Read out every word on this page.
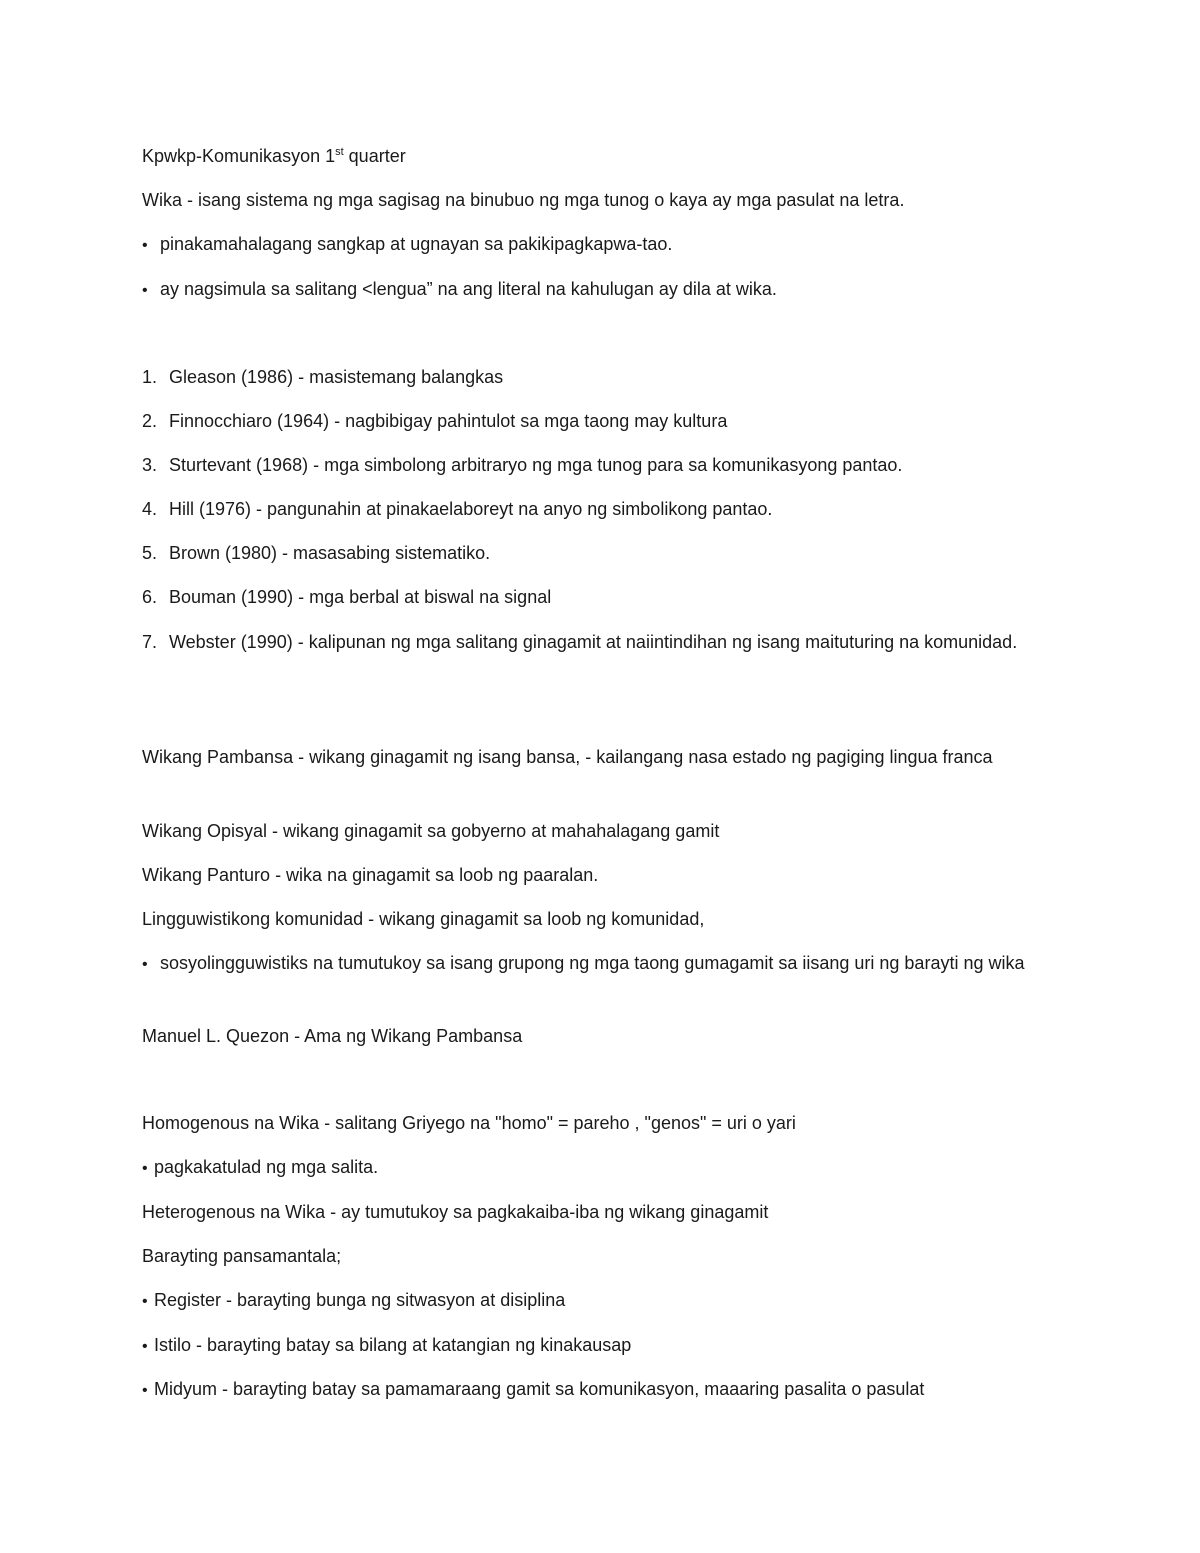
Kpwkp-Komunikasyon 1st quarter
Wika - isang sistema ng mga sagisag na binubuo ng mga tunog o kaya ay mga pasulat na letra.
• pinakamahalagang sangkap at ugnayan sa pakikipagkapwa-tao.
• ay nagsimula sa salitang <lengua” na ang literal na kahulugan ay dila at wika.
1. Gleason (1986) - masistemang balangkas
2. Finnocchiaro (1964) - nagbibigay pahintulot sa mga taong may kultura
3. Sturtevant (1968) - mga simbolong arbitraryo ng mga tunog para sa komunikasyong pantao.
4. Hill (1976) - pangunahin at pinakaelaboreyt na anyo ng simbolikong pantao.
5. Brown (1980) - masasabing sistematiko.
6. Bouman (1990) - mga berbal at biswal na signal
7. Webster (1990) - kalipunan ng mga salitang ginagamit at naiintindihan ng isang maituturing na komunidad.
Wikang Pambansa - wikang ginagamit ng isang bansa, - kailangang nasa estado ng pagiging lingua franca
Wikang Opisyal - wikang ginagamit sa gobyerno at mahahalagang gamit
Wikang Panturo - wika na ginagamit sa loob ng paaralan.
Lingguwistikong komunidad - wikang ginagamit sa loob ng komunidad,
• sosyolingguwistiks na tumutukoy sa isang grupong ng mga taong gumagamit sa iisang uri ng barayti ng wika
Manuel L. Quezon - Ama ng Wikang Pambansa
Homogenous na Wika - salitang Griyego na "homo" = pareho , "genos" = uri o yari
• pagkakatulad ng mga salita.
Heterogenous na Wika - ay tumutukoy sa pagkakaiba-iba ng wikang ginagamit
Barayting pansamantala;
• Register - barayting bunga ng sitwasyon at disiplina
• Istilo - barayting batay sa bilang at katangian ng kinakausap
• Midyum - barayting batay sa pamamaraang gamit sa komunikasyon, maaaring pasalita o pasulat
